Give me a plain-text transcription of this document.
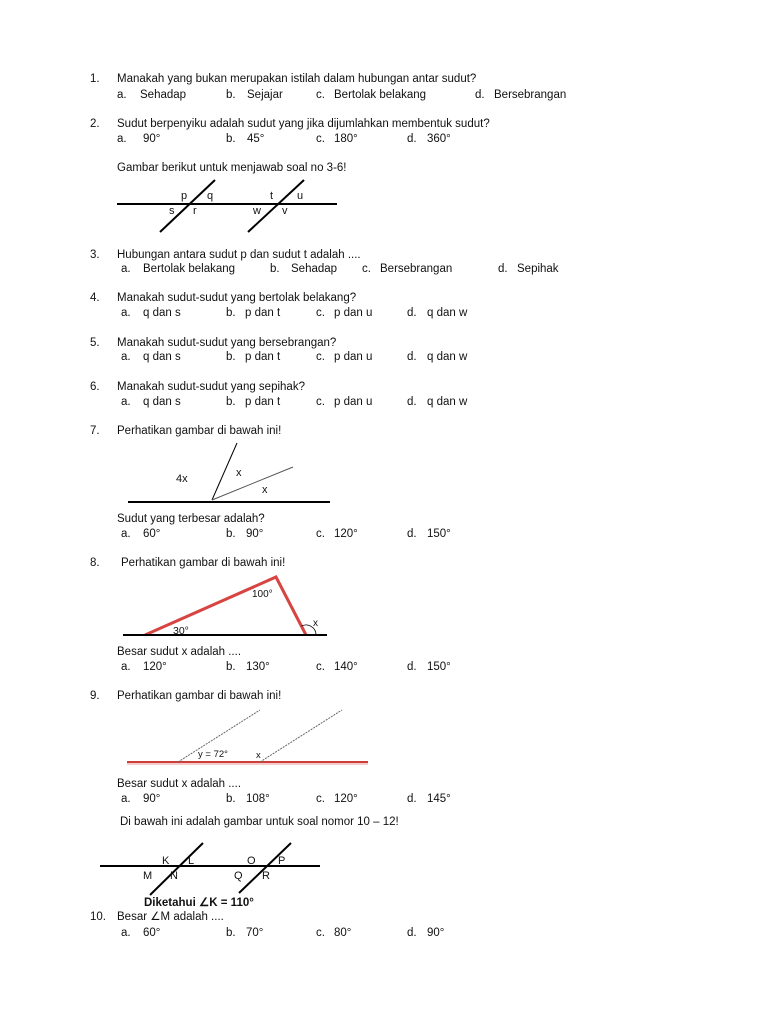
p q
s r
t u
w v
4x	x
x
100°
30°
x
y = 72°	x
K L
M N
O P
Q R
1. Manakah yang bukan merupakan istilah dalam hubungan antar sudut?
a. Sehadap	b. Sejajar	c. Bertolak belakang	d. Bersebrangan
2. Sudut berpenyiku adalah sudut yang jika dijumlahkan membentuk sudut?
a. 90°	b. 45°	c. 180°	d. 360°
Gambar berikut untuk menjawab soal no 3-6!
3. Hubungan antara sudut p dan sudut t adalah ....
a. Bertolak belakang	b. Sehadap c. Bersebrangan	d. Sepihak
4. Manakah sudut-sudut yang bertolak belakang?
a. q dan s	b. p dan t	c. p dan u	d. q dan w
5. Manakah sudut-sudut yang bersebrangan?
a. q dan s	b. p dan t	c. p dan u	d. q dan w
6. Manakah sudut-sudut yang sepihak?
a. q dan s	b. p dan t	c. p dan u	d. q dan w
7. Perhatikan gambar di bawah ini!
Sudut yang terbesar adalah?
a. 60°	b. 90°	c. 120°	d. 150°
8. Perhatikan gambar di bawah ini!
Besar sudut x adalah ....
a. 120°	b. 130°	c. 140°	d. 150°
9. Perhatikan gambar di bawah ini!
Besar sudut x adalah ....
a. 90°	b. 108°	c. 120°	d. 145°
Di bawah ini adalah gambar untuk soal nomor 10 – 12!
Diketahui ∠K = 110°
10. Besar ∠M adalah ....
a. 60°	b. 70°	c. 80°	d. 90°
